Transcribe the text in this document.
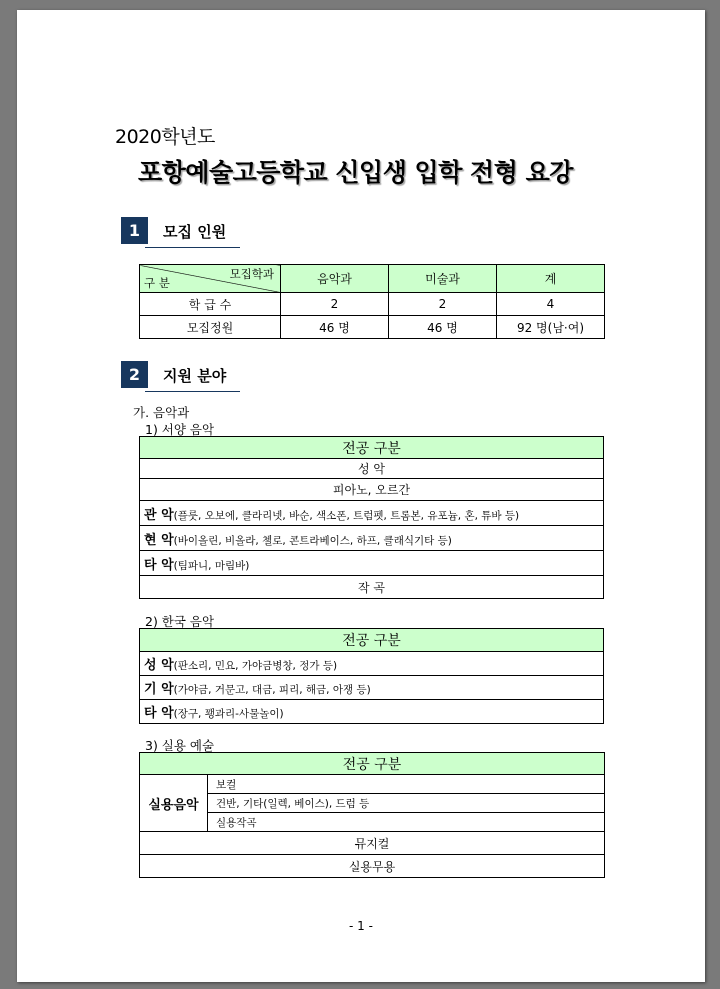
2020학년도
포항예술고등학교 신입생 입학 전형 요강
1	모집 인원
모집학과
구 분	음악과	미술과	계
학 급 수	2	2	4
모집정원	46 명	46 명	92 명(남·여)
2	지원 분야
가. 음악과
1) 서양 음악
전공 구분
성 악
피아노, 오르간
관 악(플룻, 오보에, 클라리넷, 바순, 색소폰, 트럼펫, 트롬본, 유포늄, 혼, 튜바 등)
현 악(바이올린, 비올라, 첼로, 콘트라베이스, 하프, 클래식기타 등)
타 악(팀파니, 마림바)
작 곡
2) 한국 음악
전공 구분
성 악(판소리, 민요, 가야금병창, 정가 등)
기 악(가야금, 거문고, 대금, 피리, 해금, 아쟁 등)
타 악(장구, 꽹과리-사물놀이)
3) 실용 예술
전공 구분
실용음악	보컬
건반, 기타(일렉, 베이스), 드럼 등
실용작곡
뮤지컬
실용무용
- 1 -
